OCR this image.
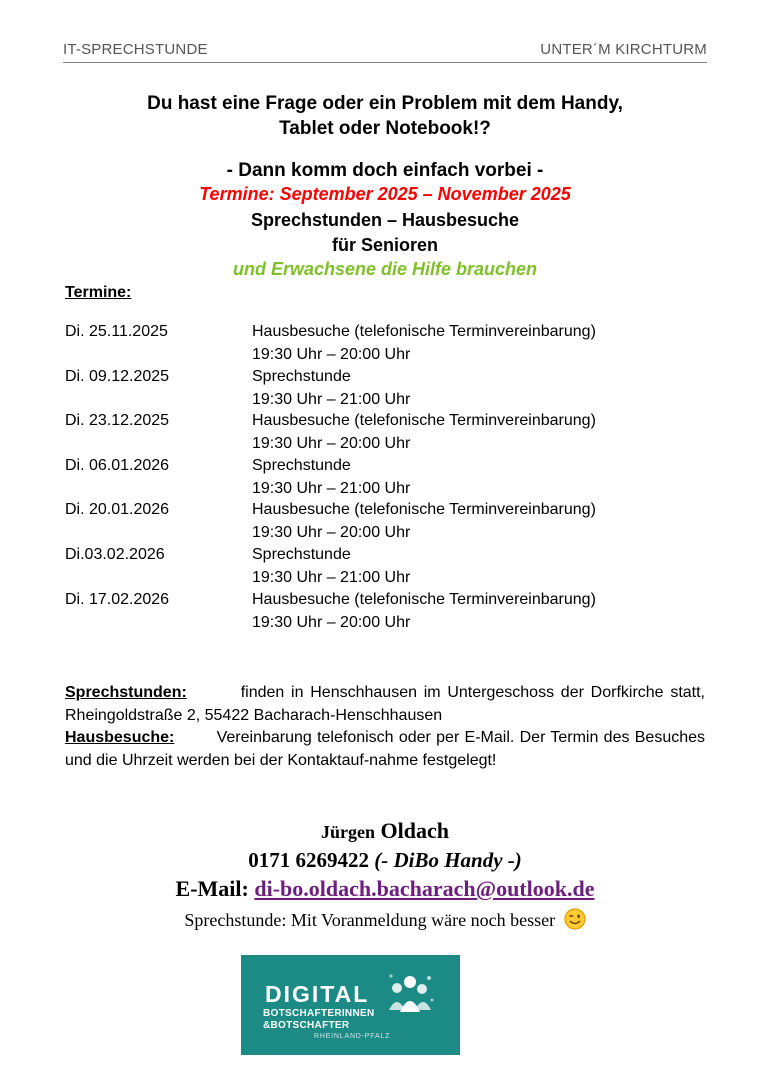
IT-SPRECHSTUNDE	UNTER´M KIRCHTURM
Du hast eine Frage oder ein Problem mit dem Handy,
Tablet oder Notebook!?
- Dann komm doch einfach vorbei -
Termine: September 2025 – November 2025
Sprechstunden – Hausbesuche
für Senioren
und Erwachsene die Hilfe brauchen
Termine:
Di. 25.11.2025	Hausbesuche (telefonische Terminvereinbarung)
19:30 Uhr – 20:00 Uhr
Di. 09.12.2025	Sprechstunde
19:30 Uhr – 21:00 Uhr
Di. 23.12.2025	Hausbesuche (telefonische Terminvereinbarung)
19:30 Uhr – 20:00 Uhr
Di. 06.01.2026	Sprechstunde
19:30 Uhr – 21:00 Uhr
Di. 20.01.2026	Hausbesuche (telefonische Terminvereinbarung)
19:30 Uhr – 20:00 Uhr
Di.03.02.2026	Sprechstunde
19:30 Uhr – 21:00 Uhr
Di. 17.02.2026	Hausbesuche (telefonische Terminvereinbarung)
19:30 Uhr – 20:00 Uhr
Sprechstunden:	finden in Henschhausen im Untergeschoss der Dorfkirche statt, Rheingoldstraße 2, 55422 Bacharach-Henschhausen
Hausbesuche:	Vereinbarung telefonisch oder per E-Mail. Der Termin des Besuches und die Uhrzeit werden bei der Kontaktauf-nahme festgelegt!
Jürgen Oldach
0171 6269422 (- DiBo Handy -)
E-Mail: di-bo.oldach.bacharach@outlook.de
Sprechstunde: Mit Voranmeldung wäre noch besser
DIGITAL
BOTSCHAFTERINNEN
&BOTSCHAFTER
RHEINLAND-PFALZ
